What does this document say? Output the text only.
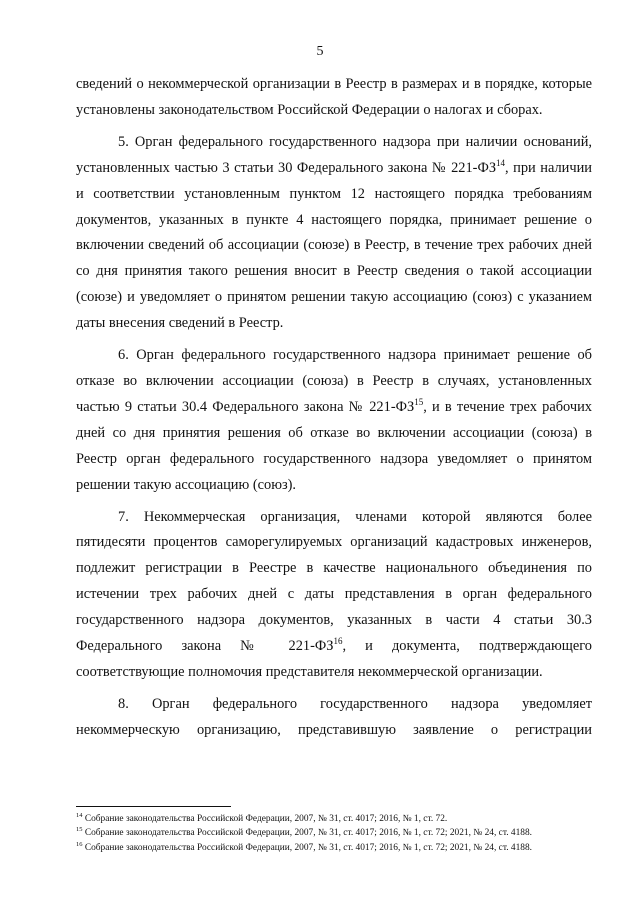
5

сведений о некоммерческой организации в Реестр в размерах и в порядке, которые установлены законодательством Российской Федерации о налогах и сборах.

5. Орган федерального государственного надзора при наличии оснований, установленных частью 3 статьи 30 Федерального закона № 221-ФЗ$^{14}$, при наличии и соответствии установленным пунктом 12 настоящего порядка требованиям документов, указанных в пункте 4 настоящего порядка, принимает решение о включении сведений об ассоциации (союзе) в Реестр, в течение трех рабочих дней со дня принятия такого решения вносит в Реестр сведения о такой ассоциации (союзе) и уведомляет о принятом решении такую ассоциацию (союз) с указанием даты внесения сведений в Реестр.

6. Орган федерального государственного надзора принимает решение об отказе во включении ассоциации (союза) в Реестр в случаях, установленных частью 9 статьи 30.4 Федерального закона № 221-ФЗ$^{15}$, и в течение трех рабочих дней со дня принятия решения об отказе во включении ассоциации (союза) в Реестр орган федерального государственного надзора уведомляет о принятом решении такую ассоциацию (союз).

7. Некоммерческая организация, членами которой являются более пятидесяти процентов саморегулируемых организаций кадастровых инженеров, подлежит регистрации в Реестре в качестве национального объединения по истечении трех рабочих дней с даты представления в орган федерального государственного надзора документов, указанных в части 4 статьи 30.3 Федерального закона № 221-ФЗ$^{16}$, и документа, подтверждающего соответствующие полномочия представителя некоммерческой организации.

8. Орган федерального государственного надзора уведомляет некоммерческую организацию, представившую заявление о регистрации

$^{14}$ Собрание законодательства Российской Федерации, 2007, № 31, ст. 4017; 2016, № 1, ст. 72.

$^{15}$ Собрание законодательства Российской Федерации, 2007, № 31, ст. 4017; 2016, № 1, ст. 72; 2021, № 24, ст. 4188.

$^{16}$ Собрание законодательства Российской Федерации, 2007, № 31, ст. 4017; 2016, № 1, ст. 72; 2021, № 24, ст. 4188.
